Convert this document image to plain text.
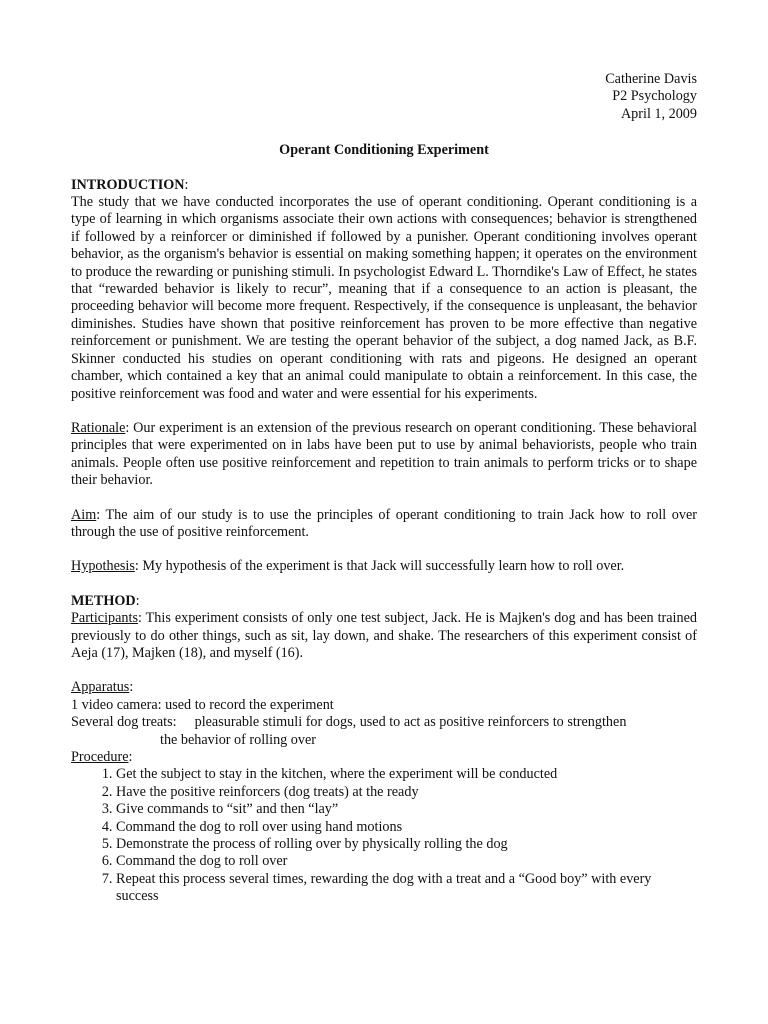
Catherine Davis
P2 Psychology
April 1, 2009
Operant Conditioning Experiment
INTRODUCTION:
The study that we have conducted incorporates the use of operant conditioning. Operant conditioning is a type of learning in which organisms associate their own actions with consequences; behavior is strengthened if followed by a reinforcer or diminished if followed by a punisher. Operant conditioning involves operant behavior, as the organism's behavior is essential on making something happen; it operates on the environment to produce the rewarding or punishing stimuli. In psychologist Edward L. Thorndike's Law of Effect, he states that “rewarded behavior is likely to recur”, meaning that if a consequence to an action is pleasant, the proceeding behavior will become more frequent. Respectively, if the consequence is unpleasant, the behavior diminishes. Studies have shown that positive reinforcement has proven to be more effective than negative reinforcement or punishment. We are testing the operant behavior of the subject, a dog named Jack, as B.F. Skinner conducted his studies on operant conditioning with rats and pigeons. He designed an operant chamber, which contained a key that an animal could manipulate to obtain a reinforcement. In this case, the positive reinforcement was food and water and were essential for his experiments.
Rationale: Our experiment is an extension of the previous research on operant conditioning. These behavioral principles that were experimented on in labs have been put to use by animal behaviorists, people who train animals. People often use positive reinforcement and repetition to train animals to perform tricks or to shape their behavior.
Aim: The aim of our study is to use the principles of operant conditioning to train Jack how to roll over through the use of positive reinforcement.
Hypothesis: My hypothesis of the experiment is that Jack will successfully learn how to roll over.
METHOD:
Participants: This experiment consists of only one test subject, Jack. He is Majken's dog and has been trained previously to do other things, such as sit, lay down, and shake. The researchers of this experiment consist of Aeja (17), Majken (18), and myself (16).
Apparatus:
1 video camera: used to record the experiment
Several dog treats: pleasurable stimuli for dogs, used to act as positive reinforcers to strengthen
the behavior of rolling over
Procedure:
1. Get the subject to stay in the kitchen, where the experiment will be conducted
2. Have the positive reinforcers (dog treats) at the ready
3. Give commands to “sit” and then “lay”
4. Command the dog to roll over using hand motions
5. Demonstrate the process of rolling over by physically rolling the dog
6. Command the dog to roll over
7. Repeat this process several times, rewarding the dog with a treat and a “Good boy” with every success
